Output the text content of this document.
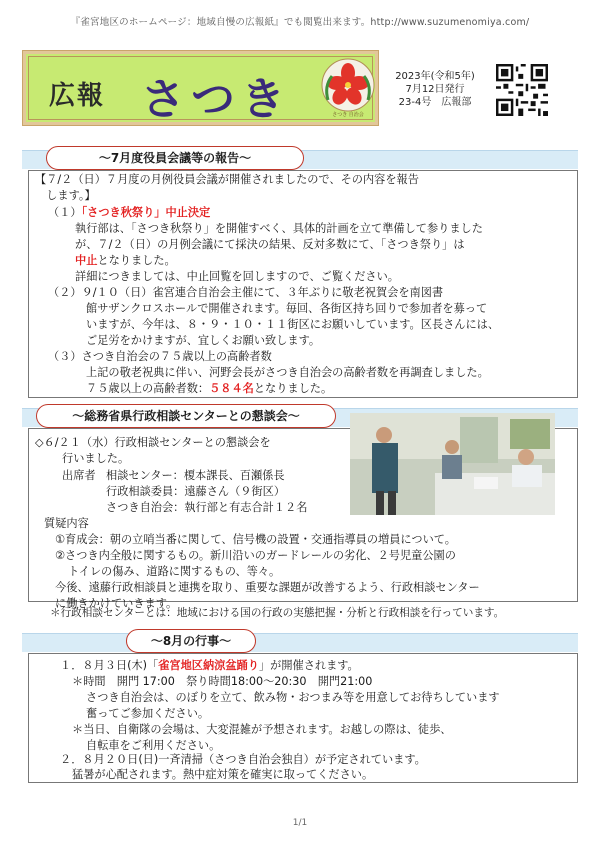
『雀宮地区のホームページ：地域自慢の広報紙』でも閲覧出来ます。http://www.suzumenomiya.com/
広報 さつき	さつき 自治会
2023年(令和5年)
7月12日発行
23-4号　広報部
～7月度役員会議等の報告～
【７/２（日）７月度の月例役員会議が開催されましたので、その内容を報告
　します。】
（１）「さつき秋祭り」中止決定
執行部は、「さつき秋祭り」を開催すべく、具体的計画を立て準備して参りました
が、７/２（日）の月例会議にて採決の結果、反対多数にて、「さつき祭り」は
中止となりました。
詳細につきましては、中止回覧を回しますので、ご覧ください。
（２）９/１０（日）雀宮連合自治会主催にて、３年ぶりに敬老祝賀会を南図書
館サザンクロスホールで開催されます。毎回、各街区持ち回りで参加者を募って
いますが、今年は、８・９・１０・１１街区にお願いしています。区長さんには、
ご足労をかけますが、宜しくお願い致します。
（３）さつき自治会の７５歳以上の高齢者数
上記の敬老祝典に伴い、河野会長がさつき自治会の高齢者数を再調査しました。
７５歳以上の高齢者数：５８４名となりました。
～総務省県行政相談センターとの懇談会～
◇６/２１（水）行政相談センターとの懇談会を
行いました。
出席者 相談センター：榎本課長、百瀬係長
行政相談委員：遠藤さん（９街区）
さつき自治会：執行部と有志合計１２名
質疑内容
①育成会：朝の立哨当番に関して、信号機の設置・交通指導員の増員について。
②さつき内全般に関するもの。新川沿いのガードレールの劣化、２号児童公園の
トイレの傷み、道路に関するもの、等々。
今後、遠藤行政相談員と連携を取り、重要な課題が改善するよう、行政相談センター
に働きかけていきます。
＊行政相談センターとは：地域における国の行政の実態把握・分析と行政相談を行っています。
～8月の行事～
１．８月３日(木)「雀宮地区納涼盆踊り」が開催されます。
＊時間　開門 17:00　祭り時間18:00～20:30　開門21:00
さつき自治会は、のぼりを立て、飲み物・おつまみ等を用意してお待ちしています
奮ってご参加ください。
＊当日、自衛隊の会場は、大変混雑が予想されます。お越しの際は、徒歩、
自転車をご利用ください。
２．８月２０日(日)一斉清掃（さつき自治会独自）が予定されています。
猛暑が心配されます。熱中症対策を確実に取ってください。
1/1
